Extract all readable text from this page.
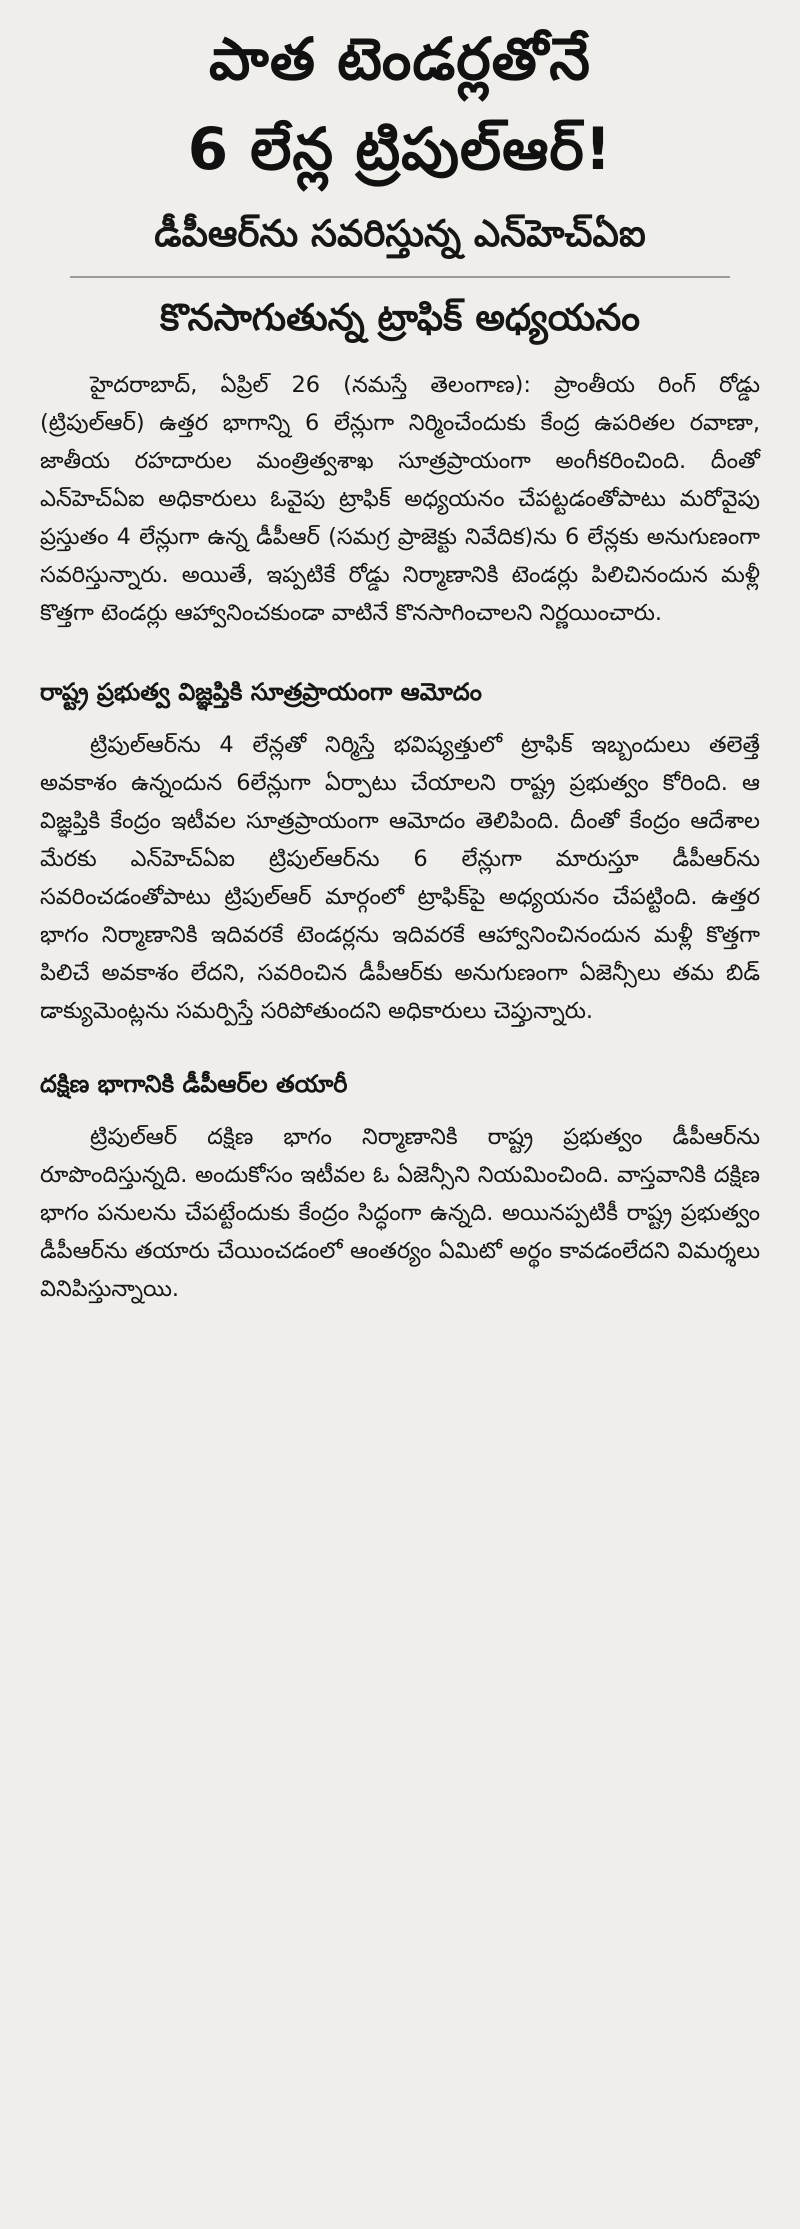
పాత టెండర్లతోనే
6 లేన్ల ట్రిపుల్‌ఆర్‌!
డీపీఆర్‌ను సవరిస్తున్న ఎన్‌హెచ్‌ఏఐ
కొనసాగుతున్న ట్రాఫిక్‌ అధ్యయనం

హైదరాబాద్‌, ఏప్రిల్‌ 26 (నమస్తే తెలంగాణ): ప్రాంతీయ రింగ్‌ రోడ్డు (ట్రిపుల్‌ఆర్‌) ఉత్తర భాగాన్ని 6 లేన్లుగా నిర్మించేందుకు కేంద్ర ఉపరితల రవాణా, జాతీయ రహదారుల మంత్రిత్వశాఖ సూత్రప్రాయంగా అంగీకరించింది. దీంతో ఎన్‌హెచ్‌ఏఐ అధికారులు ఓవైపు ట్రాఫిక్‌ అధ్యయనం చేపట్టడంతోపాటు మరోవైపు ప్రస్తుతం 4 లేన్లుగా ఉన్న డీపీఆర్‌ (సమగ్ర ప్రాజెక్టు నివేదిక)ను 6 లేన్లకు అనుగుణంగా సవరిస్తున్నారు. అయితే, ఇప్పటికే రోడ్డు నిర్మాణానికి టెండర్లు పిలిచినందున మళ్లీ కొత్తగా టెండర్లు ఆహ్వానించకుండా వాటినే కొనసాగించాలని నిర్ణయించారు.

రాష్ట్ర ప్రభుత్వ విజ్ఞప్తికి సూత్రప్రాయంగా ఆమోదం

ట్రిపుల్‌ఆర్‌ను 4 లేన్లతో నిర్మిస్తే భవిష్యత్తులో ట్రాఫిక్‌ ఇబ్బందులు తలెత్తే అవకాశం ఉన్నందున 6లేన్లుగా ఏర్పాటు చేయాలని రాష్ట్ర ప్రభుత్వం కోరింది. ఆ విజ్ఞప్తికి కేంద్రం ఇటీవల సూత్రప్రాయంగా ఆమోదం తెలిపింది. దీంతో కేంద్రం ఆదేశాల మేరకు ఎన్‌హెచ్‌ఏఐ ట్రిపుల్‌ఆర్‌ను 6 లేన్లుగా మారుస్తూ డీపీఆర్‌ను సవరించడంతోపాటు ట్రిపుల్‌ఆర్‌ మార్గంలో ట్రాఫిక్‌పై అధ్యయనం చేపట్టింది. ఉత్తర భాగం నిర్మాణానికి ఇదివరకే టెండర్లను ఇదివరకే ఆహ్వానించినందున మళ్లీ కొత్తగా పిలిచే అవకాశం లేదని, సవరించిన డీపీఆర్‌కు అనుగుణంగా ఏజెన్సీలు తమ బిడ్‌ డాక్యుమెంట్లను సమర్పిస్తే సరిపోతుందని అధికారులు చెప్తున్నారు.

దక్షిణ భాగానికి డీపీఆర్‌ల తయారీ

ట్రిపుల్‌ఆర్‌ దక్షిణ భాగం నిర్మాణానికి రాష్ట్ర ప్రభుత్వం డీపీఆర్‌ను రూపొందిస్తున్నది. అందుకోసం ఇటీవల ఓ ఏజెన్సీని నియమించింది. వాస్తవానికి దక్షిణ భాగం పనులను చేపట్టేందుకు కేంద్రం సిద్ధంగా ఉన్నది. అయినప్పటికీ రాష్ట్ర ప్రభుత్వం డీపీఆర్‌ను తయారు చేయించడంలో ఆంతర్యం ఏమిటో అర్థం కావడంలేదని విమర్శలు వినిపిస్తున్నాయి.
